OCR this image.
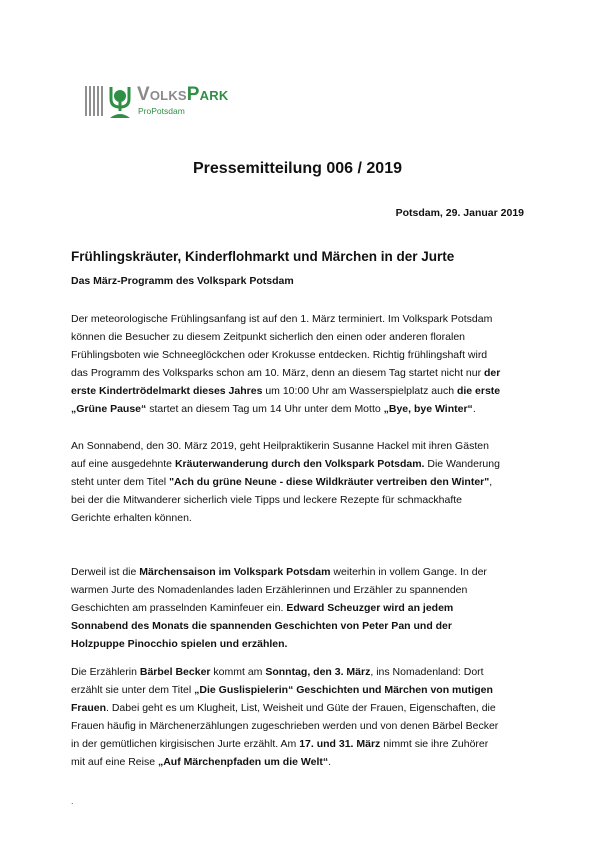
VolksPark
ProPotsdam
Pressemitteilung 006 / 2019
Potsdam, 29. Januar 2019
Frühlingskräuter, Kinderflohmarkt und Märchen in der Jurte
Das März-Programm des Volkspark Potsdam
Der meteorologische Frühlingsanfang ist auf den 1. März terminiert. Im Volkspark Potsdam
können die Besucher zu diesem Zeitpunkt sicherlich den einen oder anderen floralen
Frühlingsboten wie Schneeglöckchen oder Krokusse entdecken. Richtig frühlingshaft wird
das Programm des Volksparks schon am 10. März, denn an diesem Tag startet nicht nur der
erste Kindertrödelmarkt dieses Jahres um 10:00 Uhr am Wasserspielplatz auch die erste
„Grüne Pause“ startet an diesem Tag um 14 Uhr unter dem Motto „Bye, bye Winter“.
An Sonnabend, den 30. März 2019, geht Heilpraktikerin Susanne Hackel mit ihren Gästen
auf eine ausgedehnte Kräuterwanderung durch den Volkspark Potsdam. Die Wanderung
steht unter dem Titel "Ach du grüne Neune - diese Wildkräuter vertreiben den Winter",
bei der die Mitwanderer sicherlich viele Tipps und leckere Rezepte für schmackhafte
Gerichte erhalten können.
Derweil ist die Märchensaison im Volkspark Potsdam weiterhin in vollem Gange. In der
warmen Jurte des Nomadenlandes laden Erzählerinnen und Erzähler zu spannenden
Geschichten am prasselnden Kaminfeuer ein. Edward Scheuzger wird an jedem
Sonnabend des Monats die spannenden Geschichten von Peter Pan und der
Holzpuppe Pinocchio spielen und erzählen.
Die Erzählerin Bärbel Becker kommt am Sonntag, den 3. März, ins Nomadenland: Dort
erzählt sie unter dem Titel „Die Guslispielerin“ Geschichten und Märchen von mutigen
Frauen. Dabei geht es um Klugheit, List, Weisheit und Güte der Frauen, Eigenschaften, die
Frauen häufig in Märchenerzählungen zugeschrieben werden und von denen Bärbel Becker
in der gemütlichen kirgisischen Jurte erzählt. Am 17. und 31. März nimmt sie ihre Zuhörer
mit auf eine Reise „Auf Märchenpfaden um die Welt“.
.
